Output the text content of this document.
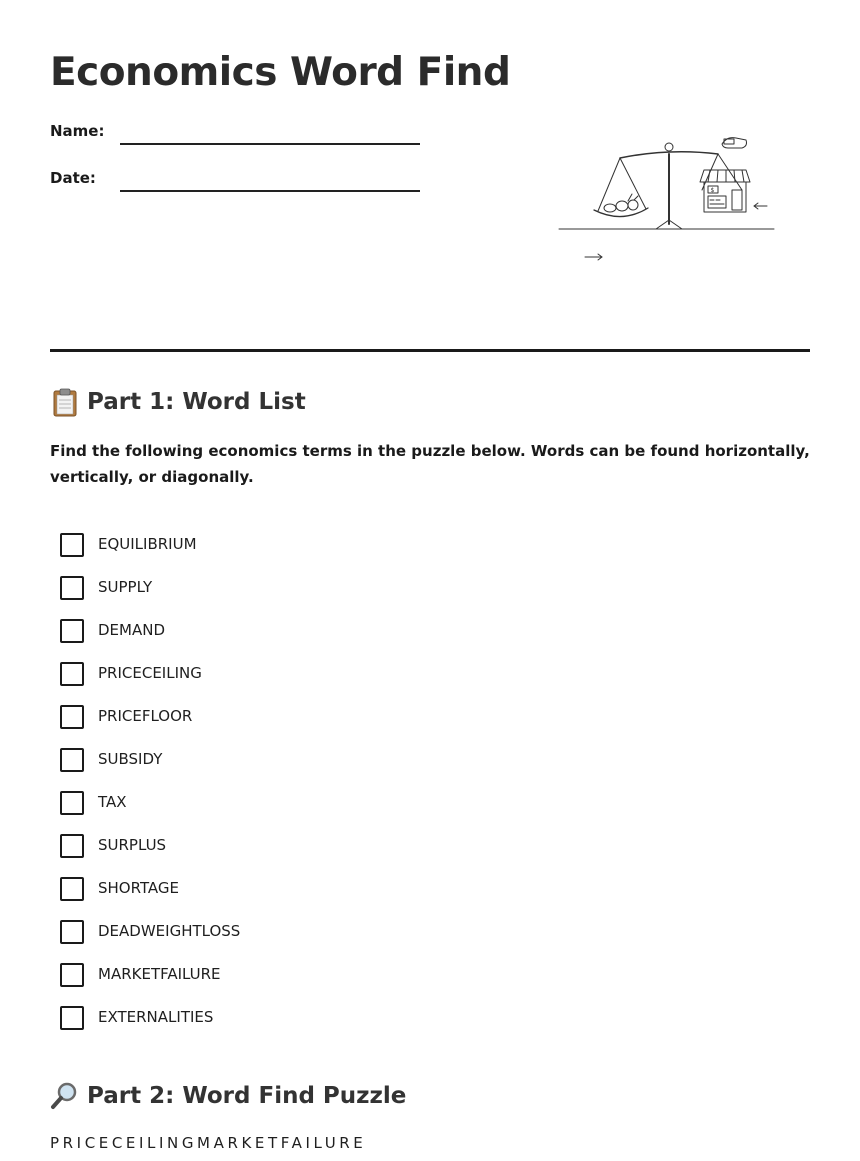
Economics Word Find
Name:
Date:
$
Part 1: Word List

Find the following economics terms in the puzzle below. Words can be found horizontally, vertically, or diagonally.

EQUILIBRIUM
SUPPLY
DEMAND
PRICECEILING
PRICEFLOOR
SUBSIDY
TAX
SURPLUS
SHORTAGE
DEADWEIGHTLOSS
MARKETFAILURE
EXTERNALITIES
Part 2: Word Find Puzzle
PRICECEILINGMARKETFAILURE
